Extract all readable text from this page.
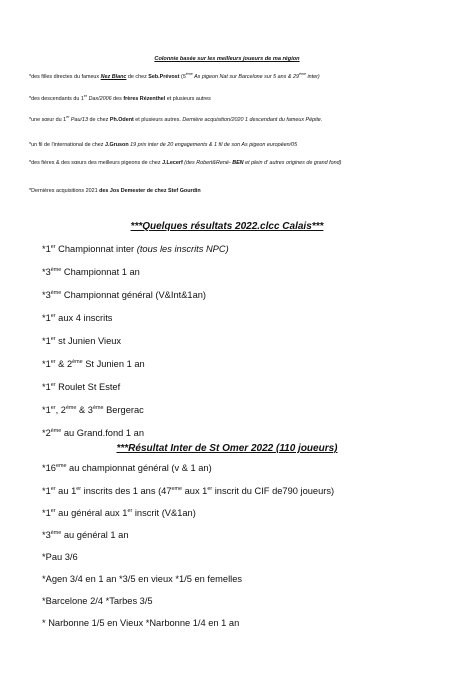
Colonnie basée sur les meilleurs joueurs de ma région
*des filles directes du fameux Nez Blanc de chez Seb.Prévost (5ème As pigeon Nat sur Barcelone sur 5 ans & 29ème inter)
*des descendants du 1er Dax/2006 des frères Rézenthel et plusieurs autres
*une sœur du 1er Pau/13 de chez Ph.Odent et plusieurs autres. Dernière acquisition/2020 1 descendant du fameux Pépite.
*un fil de l'international de chez J.Gruson 19 prix inter de 20 engagements & 1 fil de son As pigeon européen/05
*des fières & des sœurs des meilleurs pigeons de chez J.Lecerf (des Robert&René- BEN et plein d' autres origines de grand fond)
*Dernières acquisitions 2021 des Jos Demester de chez Stef Gourdin
***Quelques résultats 2022.clcc Calais***
*1er Championnat inter (tous les inscrits NPC)
*3ème Championnat 1 an
*3ème Championnat général (V&Int&1an)
*1er aux 4 inscrits
*1er st Junien Vieux
*1er & 2ème St Junien 1 an
*1er Roulet St Estef
*1er, 2ème & 3ème Bergerac
*2ème au Grand.fond 1 an
***Résultat Inter de St Omer 2022 (110 joueurs)
*16eme au championnat général (v & 1 an)
*1er au 1er inscrits des 1 ans (47eme aux 1er inscrit du CIF de790 joueurs)
*1er au général aux 1er inscrit (V&1an)
*3ème au général 1 an
*Pau 3/6
*Agen 3/4 en 1 an *3/5 en vieux *1/5 en femelles
*Barcelone 2/4 *Tarbes 3/5
* Narbonne 1/5 en Vieux *Narbonne 1/4 en 1 an
